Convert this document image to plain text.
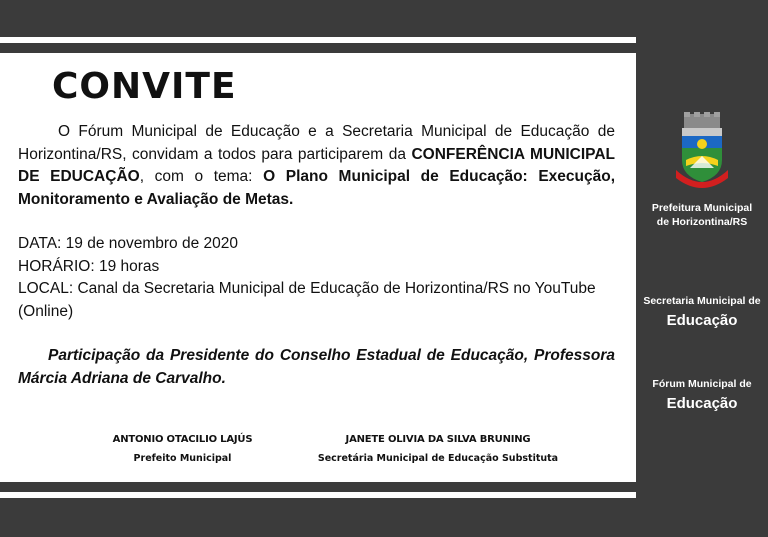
CONVITE

O Fórum Municipal de Educação e a Secretaria Municipal de Educação de Horizontina/RS, convidam a todos para participarem da CONFERÊNCIA MUNICIPAL DE EDUCAÇÃO, com o tema: O Plano Municipal de Educação: Execução, Monitoramento e Avaliação de Metas.

DATA: 19 de novembro de 2020
HORÁRIO: 19 horas
LOCAL: Canal da Secretaria Municipal de Educação de Horizontina/RS no YouTube (Online)

Participação da Presidente do Conselho Estadual de Educação, Professora Márcia Adriana de Carvalho.

ANTONIO OTACILIO LAJÚS
Prefeito Municipal
JANETE OLIVIA DA SILVA BRUNING
Secretária Municipal de Educação Substituta
Prefeitura Municipal
de Horizontina/RS
Secretaria Municipal de
Educação
Fórum Municipal de
Educação
